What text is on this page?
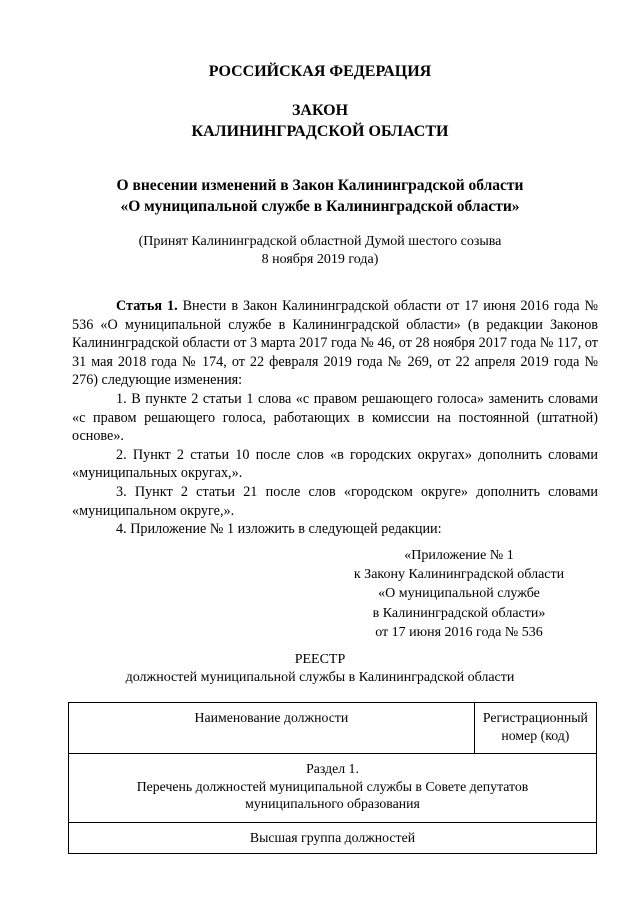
РОССИЙСКАЯ ФЕДЕРАЦИЯ
ЗАКОН
КАЛИНИНГРАДСКОЙ ОБЛАСТИ
О внесении изменений в Закон Калининградской области
«О муниципальной службе в Калининградской области»
(Принят Калининградской областной Думой шестого созыва
8 ноября 2019 года)

Статья 1. Внести в Закон Калининградской области от 17 июня 2016 года № 536 «О муниципальной службе в Калининградской области» (в редакции Законов Калининградской области от 3 марта 2017 года № 46, от 28 ноября 2017 года № 117, от 31 мая 2018 года № 174, от 22 февраля 2019 года № 269, от 22 апреля 2019 года № 276) следующие изменения:

1. В пункте 2 статьи 1 слова «с правом решающего голоса» заменить словами «с правом решающего голоса, работающих в комиссии на постоянной (штатной) основе».

2. Пункт 2 статьи 10 после слов «в городских округах» дополнить словами «муниципальных округах,».

3. Пункт 2 статьи 21 после слов «городском округе» дополнить словами «муниципальном округе,».

4. Приложение № 1 изложить в следующей редакции:

«Приложение № 1
к Закону Калининградской области
«О муниципальной службе
в Калининградской области»
от 17 июня 2016 года № 536
РЕЕСТР
должностей муниципальной службы в Калининградской области
Наименование должности	Регистрационный
номер (код)

Раздел 1.
Перечень должностей муниципальной службы в Совете депутатов
муниципального образования

Высшая группа должностей
